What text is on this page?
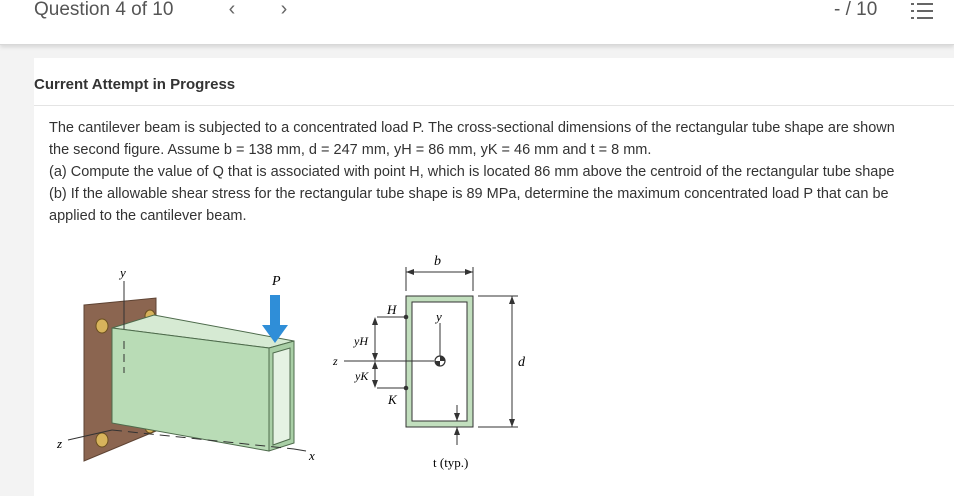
Question 4 of 10	‹	›	- / 10
Current Attempt in Progress

The cantilever beam is subjected to a concentrated load P. The cross-sectional dimensions of the rectangular tube shape are shown

the second figure. Assume b = 138 mm, d = 247 mm, yH = 86 mm, yK = 46 mm and t = 8 mm.

(a) Compute the value of Q that is associated with point H, which is located 86 mm above the centroid of the rectangular tube shape

(b) If the allowable shear stress for the rectangular tube shape is 89 MPa, determine the maximum concentrated load P that can be

applied to the cantilever beam.

y
z
x
P
b
d
y
z
H
K
yH
yK
t (typ.)
